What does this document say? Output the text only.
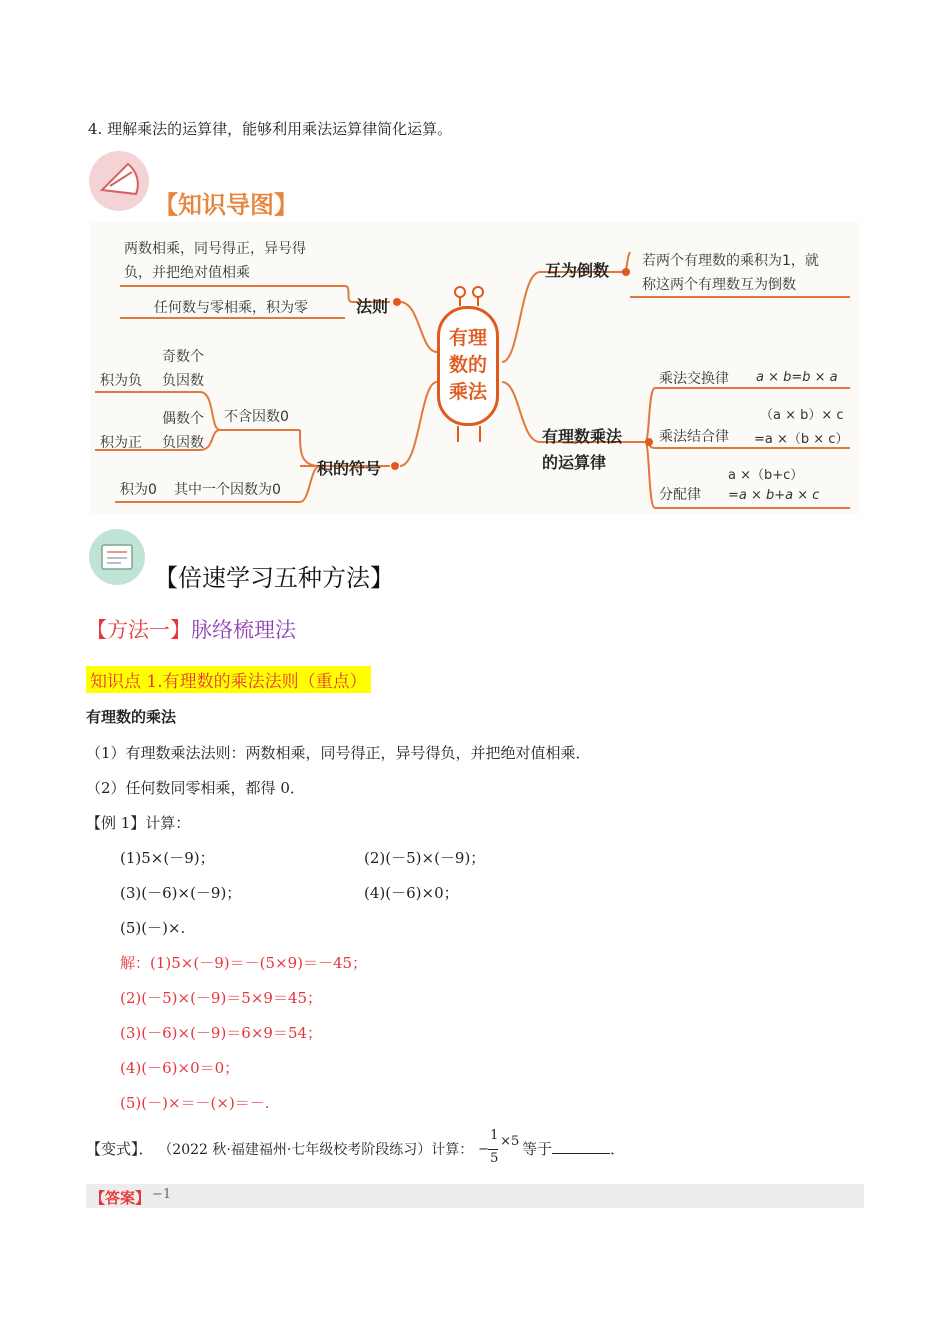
4. 理解乘法的运算律，能够利用乘法运算律简化运算。
【知识导图】
有理
数的
乘法
两数相乘，同号得正，异号得
负，并把绝对值相乘
任何数与零相乘，积为零	法则
奇数个
负因数
积为负
偶数个
负因数
积为正
不含因数0
积为0 其中一个因数为0
积的符号
互为倒数 若两个有理数的乘积为1，就
称这两个有理数互为倒数
有理数乘法
的运算律
乘法交换律 a × b=b × a
乘法结合律
（a × b）× c
=a ×（b × c）
分配律
a ×（b+c）
=a × b+a × c
【倍速学习五种方法】
【方法一】脉络梳理法
知识点 1.有理数的乘法法则（重点）
有理数的乘法
（1）有理数乘法法则：两数相乘，同号得正，异号得负，并把绝对值相乘．
（2）任何数同零相乘，都得 0．
【例 1】计算：
(1)5×(－9)；	(2)(－5)×(－9)；
(3)(－6)×(－9)；	(4)(－6)×0；
(5)(－)×.
解：(1)5×(－9)＝－(5×9)＝－45；
(2)(－5)×(－9)＝5×9＝45；
(3)(－6)×(－9)＝6×9＝54；
(4)(－6)×0＝0；
(5)(－)×＝－(×)＝－.
【变式】． （2022 秋·福建福州·七年级校考阶段练习）计算： −
1
5
×5 等于	．
【答案】 −1
